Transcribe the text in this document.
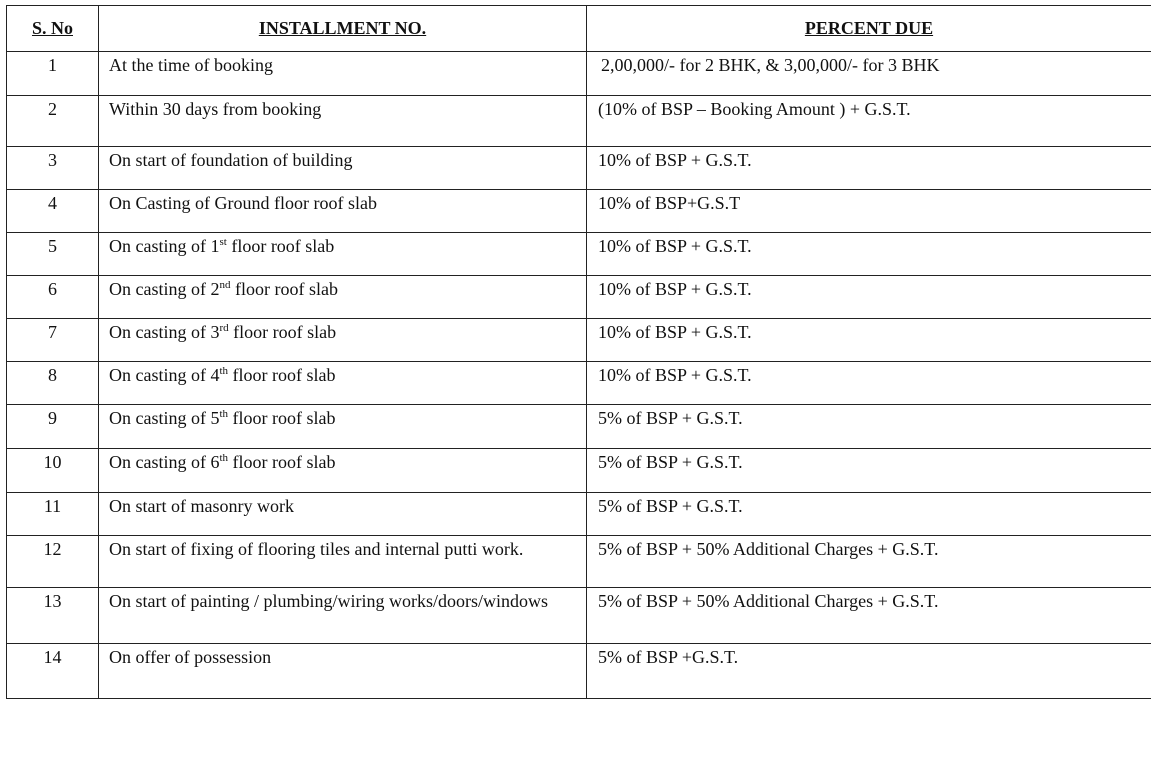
S. No	INSTALLMENT NO.	PERCENT DUE
1	At the time of booking	2,00,000/- for 2 BHK, & 3,00,000/- for 3 BHK
2	Within 30 days from booking	(10% of BSP – Booking Amount ) + G.S.T.
3	On start of foundation of building	10% of BSP + G.S.T.
4	On Casting of Ground floor roof slab	10% of BSP+G.S.T
5	On casting of 1st floor roof slab	10% of BSP + G.S.T.
6	On casting of 2nd floor roof slab	10% of BSP + G.S.T.
7	On casting of 3rd floor roof slab	10% of BSP + G.S.T.
8	On casting of 4th floor roof slab	10% of BSP + G.S.T.
9	On casting of 5th floor roof slab	5% of BSP + G.S.T.
10	On casting of 6th floor roof slab	5% of BSP + G.S.T.
11	On start of masonry work	5% of BSP + G.S.T.
12	On start of fixing of flooring tiles and internal putti work.	5% of BSP + 50% Additional Charges + G.S.T.
13	On start of painting / plumbing/wiring works/doors/windows	5% of BSP + 50% Additional Charges + G.S.T.
14	On offer of possession	5% of BSP +G.S.T.
